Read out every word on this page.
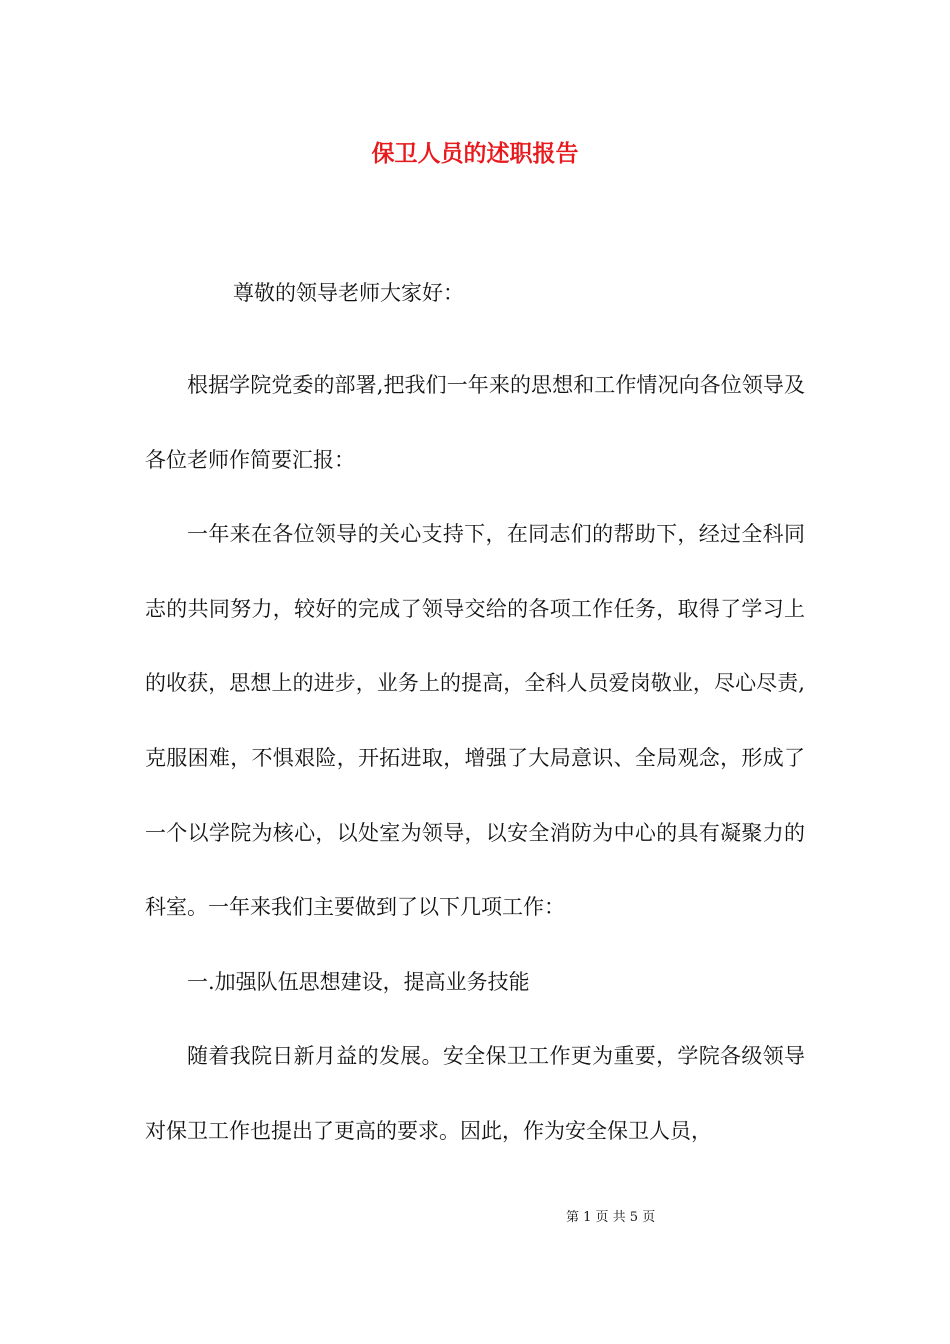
保卫人员的述职报告
尊敬的领导老师大家好：

根据学院党委的部署,把我们一年来的思想和工作情况向各位领导及各位老师作简要汇报：

一年来在各位领导的关心支持下，在同志们的帮助下，经过全科同志的共同努力，较好的完成了领导交给的各项工作任务，取得了学习上的收获，思想上的进步，业务上的提高，全科人员爱岗敬业，尽心尽责,克服困难，不惧艰险，开拓进取，增强了大局意识、全局观念，形成了一个以学院为核心，以处室为领导，以安全消防为中心的具有凝聚力的科室。一年来我们主要做到了以下几项工作：

一.加强队伍思想建设，提高业务技能

随着我院日新月益的发展。安全保卫工作更为重要，学院各级领导对保卫工作也提出了更高的要求。因此，作为安全保卫人员，

第 1 页 共 5 页
